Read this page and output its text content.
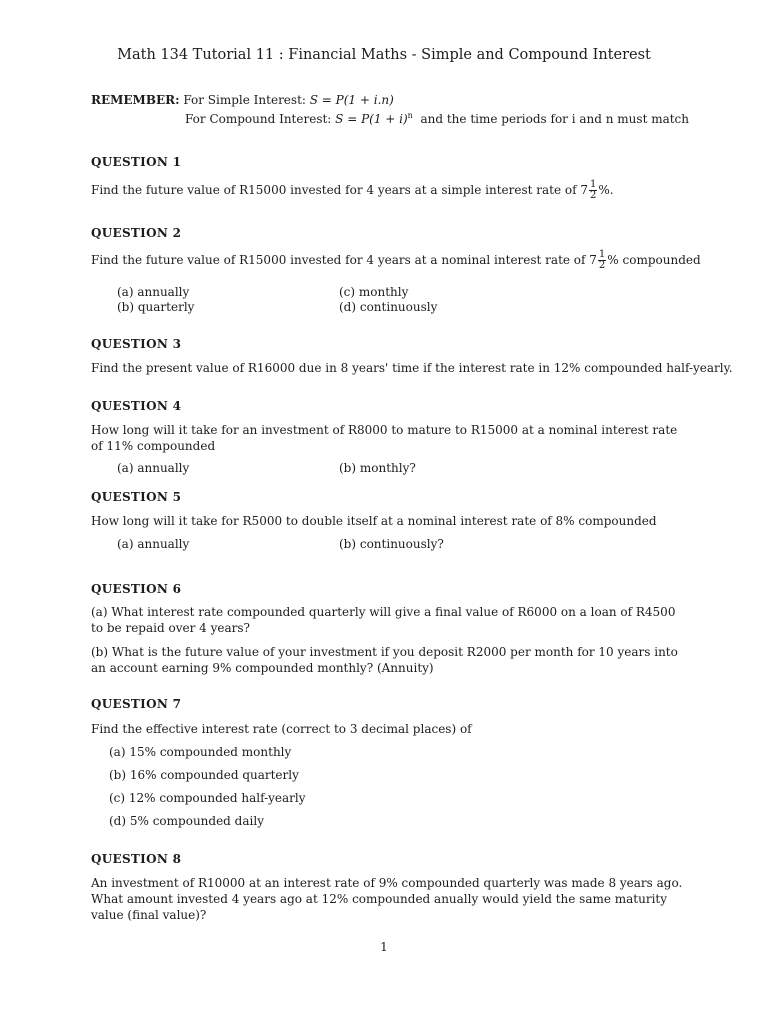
Math 134 Tutorial 11 : Financial Maths - Simple and Compound Interest
REMEMBER: For Simple Interest: S = P(1 + i.n)
For Compound Interest: $S = P(1 + i)^n$ and the time periods for i and n must match
QUESTION 1
Find the future value of R15000 invested for 4 years at a simple interest rate of $7 \frac{1}{2}$ %.
QUESTION 2
Find the future value of R15000 invested for 4 years at a nominal interest rate of $7 \frac{1}{2}$ % compounded
(a) annually
(b) quarterly
(c) monthly
(d) continuously
QUESTION 3
Find the present value of R16000 due in 8 years' time if the interest rate in 12% compounded half-yearly.
QUESTION 4
How long will it take for an investment of R8000 to mature to R15000 at a nominal interest rate of 11% compounded
(a) annually	(b) monthly?
QUESTION 5
How long will it take for R5000 to double itself at a nominal interest rate of 8% compounded
(a) annually	(b) continuously?
QUESTION 6
(a) What interest rate compounded quarterly will give a final value of R6000 on a loan of R4500 to be repaid over 4 years?
(b) What is the future value of your investment if you deposit R2000 per month for 10 years into an account earning 9% compounded monthly? (Annuity)
QUESTION 7
Find the effective interest rate (correct to 3 decimal places) of
(a) 15% compounded monthly
(b) 16% compounded quarterly
(c) 12% compounded half-yearly
(d) 5% compounded daily
QUESTION 8
An investment of R10000 at an interest rate of 9% compounded quarterly was made 8 years ago. What amount invested 4 years ago at 12% compounded anually would yield the same maturity value (final value)?
1
